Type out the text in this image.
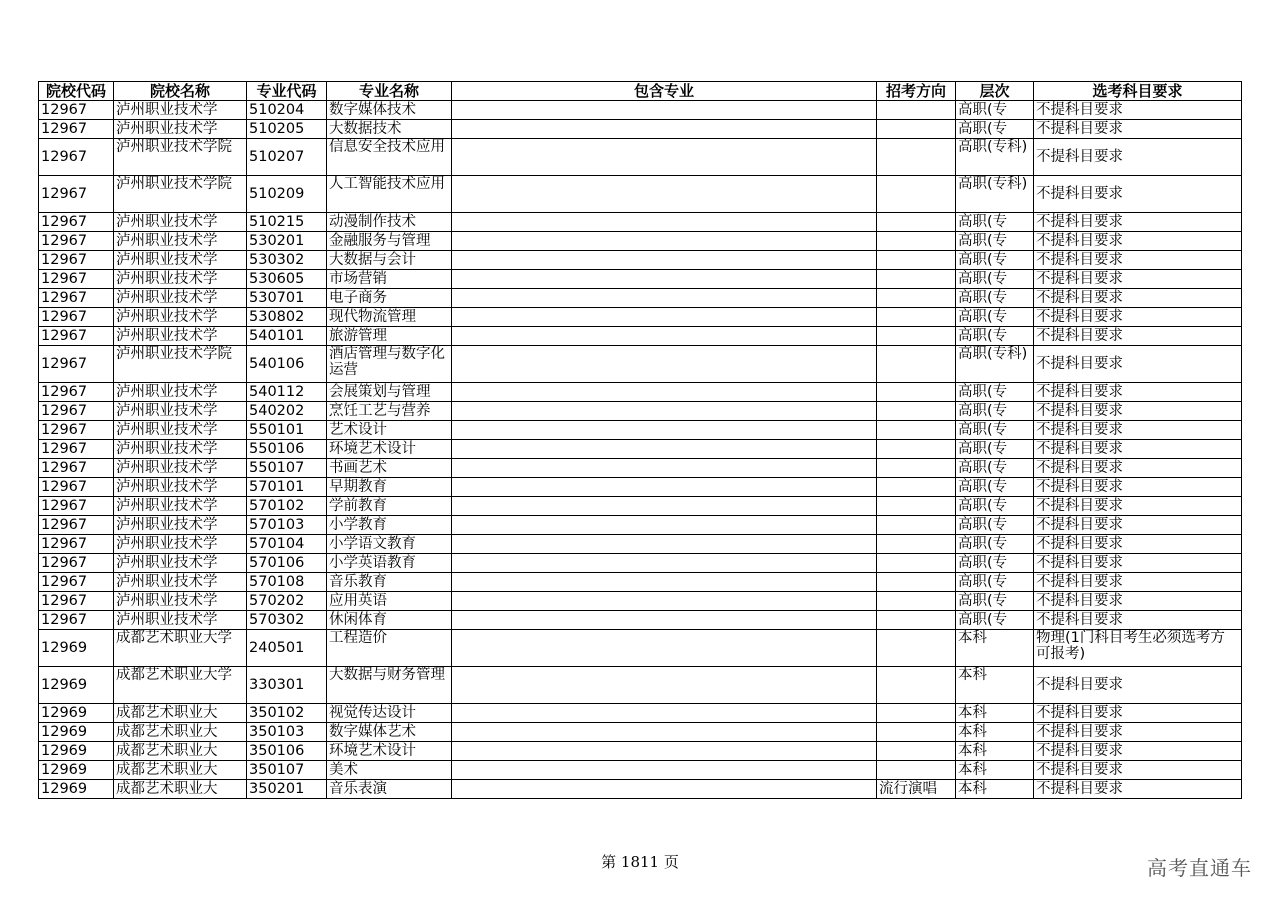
院校代码	院校名称	专业代码	专业名称	包含专业	招考方向	层次	选考科目要求
12967	泸州职业技术学	510204	数字媒体技术			高职(专	不提科目要求
12967	泸州职业技术学	510205	大数据技术			高职(专	不提科目要求
12967	泸州职业技术学院	510207	信息安全技术应用			高职(专科)	不提科目要求
12967	泸州职业技术学院	510209	人工智能技术应用			高职(专科)	不提科目要求
12967	泸州职业技术学	510215	动漫制作技术			高职(专	不提科目要求
12967	泸州职业技术学	530201	金融服务与管理			高职(专	不提科目要求
12967	泸州职业技术学	530302	大数据与会计			高职(专	不提科目要求
12967	泸州职业技术学	530605	市场营销			高职(专	不提科目要求
12967	泸州职业技术学	530701	电子商务			高职(专	不提科目要求
12967	泸州职业技术学	530802	现代物流管理			高职(专	不提科目要求
12967	泸州职业技术学	540101	旅游管理			高职(专	不提科目要求
12967	泸州职业技术学院	540106	酒店管理与数字化运营			高职(专科)	不提科目要求
12967	泸州职业技术学	540112	会展策划与管理			高职(专	不提科目要求
12967	泸州职业技术学	540202	烹饪工艺与营养			高职(专	不提科目要求
12967	泸州职业技术学	550101	艺术设计			高职(专	不提科目要求
12967	泸州职业技术学	550106	环境艺术设计			高职(专	不提科目要求
12967	泸州职业技术学	550107	书画艺术			高职(专	不提科目要求
12967	泸州职业技术学	570101	早期教育			高职(专	不提科目要求
12967	泸州职业技术学	570102	学前教育			高职(专	不提科目要求
12967	泸州职业技术学	570103	小学教育			高职(专	不提科目要求
12967	泸州职业技术学	570104	小学语文教育			高职(专	不提科目要求
12967	泸州职业技术学	570106	小学英语教育			高职(专	不提科目要求
12967	泸州职业技术学	570108	音乐教育			高职(专	不提科目要求
12967	泸州职业技术学	570202	应用英语			高职(专	不提科目要求
12967	泸州职业技术学	570302	休闲体育			高职(专	不提科目要求
12969	成都艺术职业大学	240501	工程造价			本科	物理(1门科目考生必须选考方可报考)
12969	成都艺术职业大学	330301	大数据与财务管理			本科	不提科目要求
12969	成都艺术职业大	350102	视觉传达设计			本科	不提科目要求
12969	成都艺术职业大	350103	数字媒体艺术			本科	不提科目要求
12969	成都艺术职业大	350106	环境艺术设计			本科	不提科目要求
12969	成都艺术职业大	350107	美术			本科	不提科目要求
12969	成都艺术职业大	350201	音乐表演		流行演唱	本科	不提科目要求
第 1811 页	高考直通车
